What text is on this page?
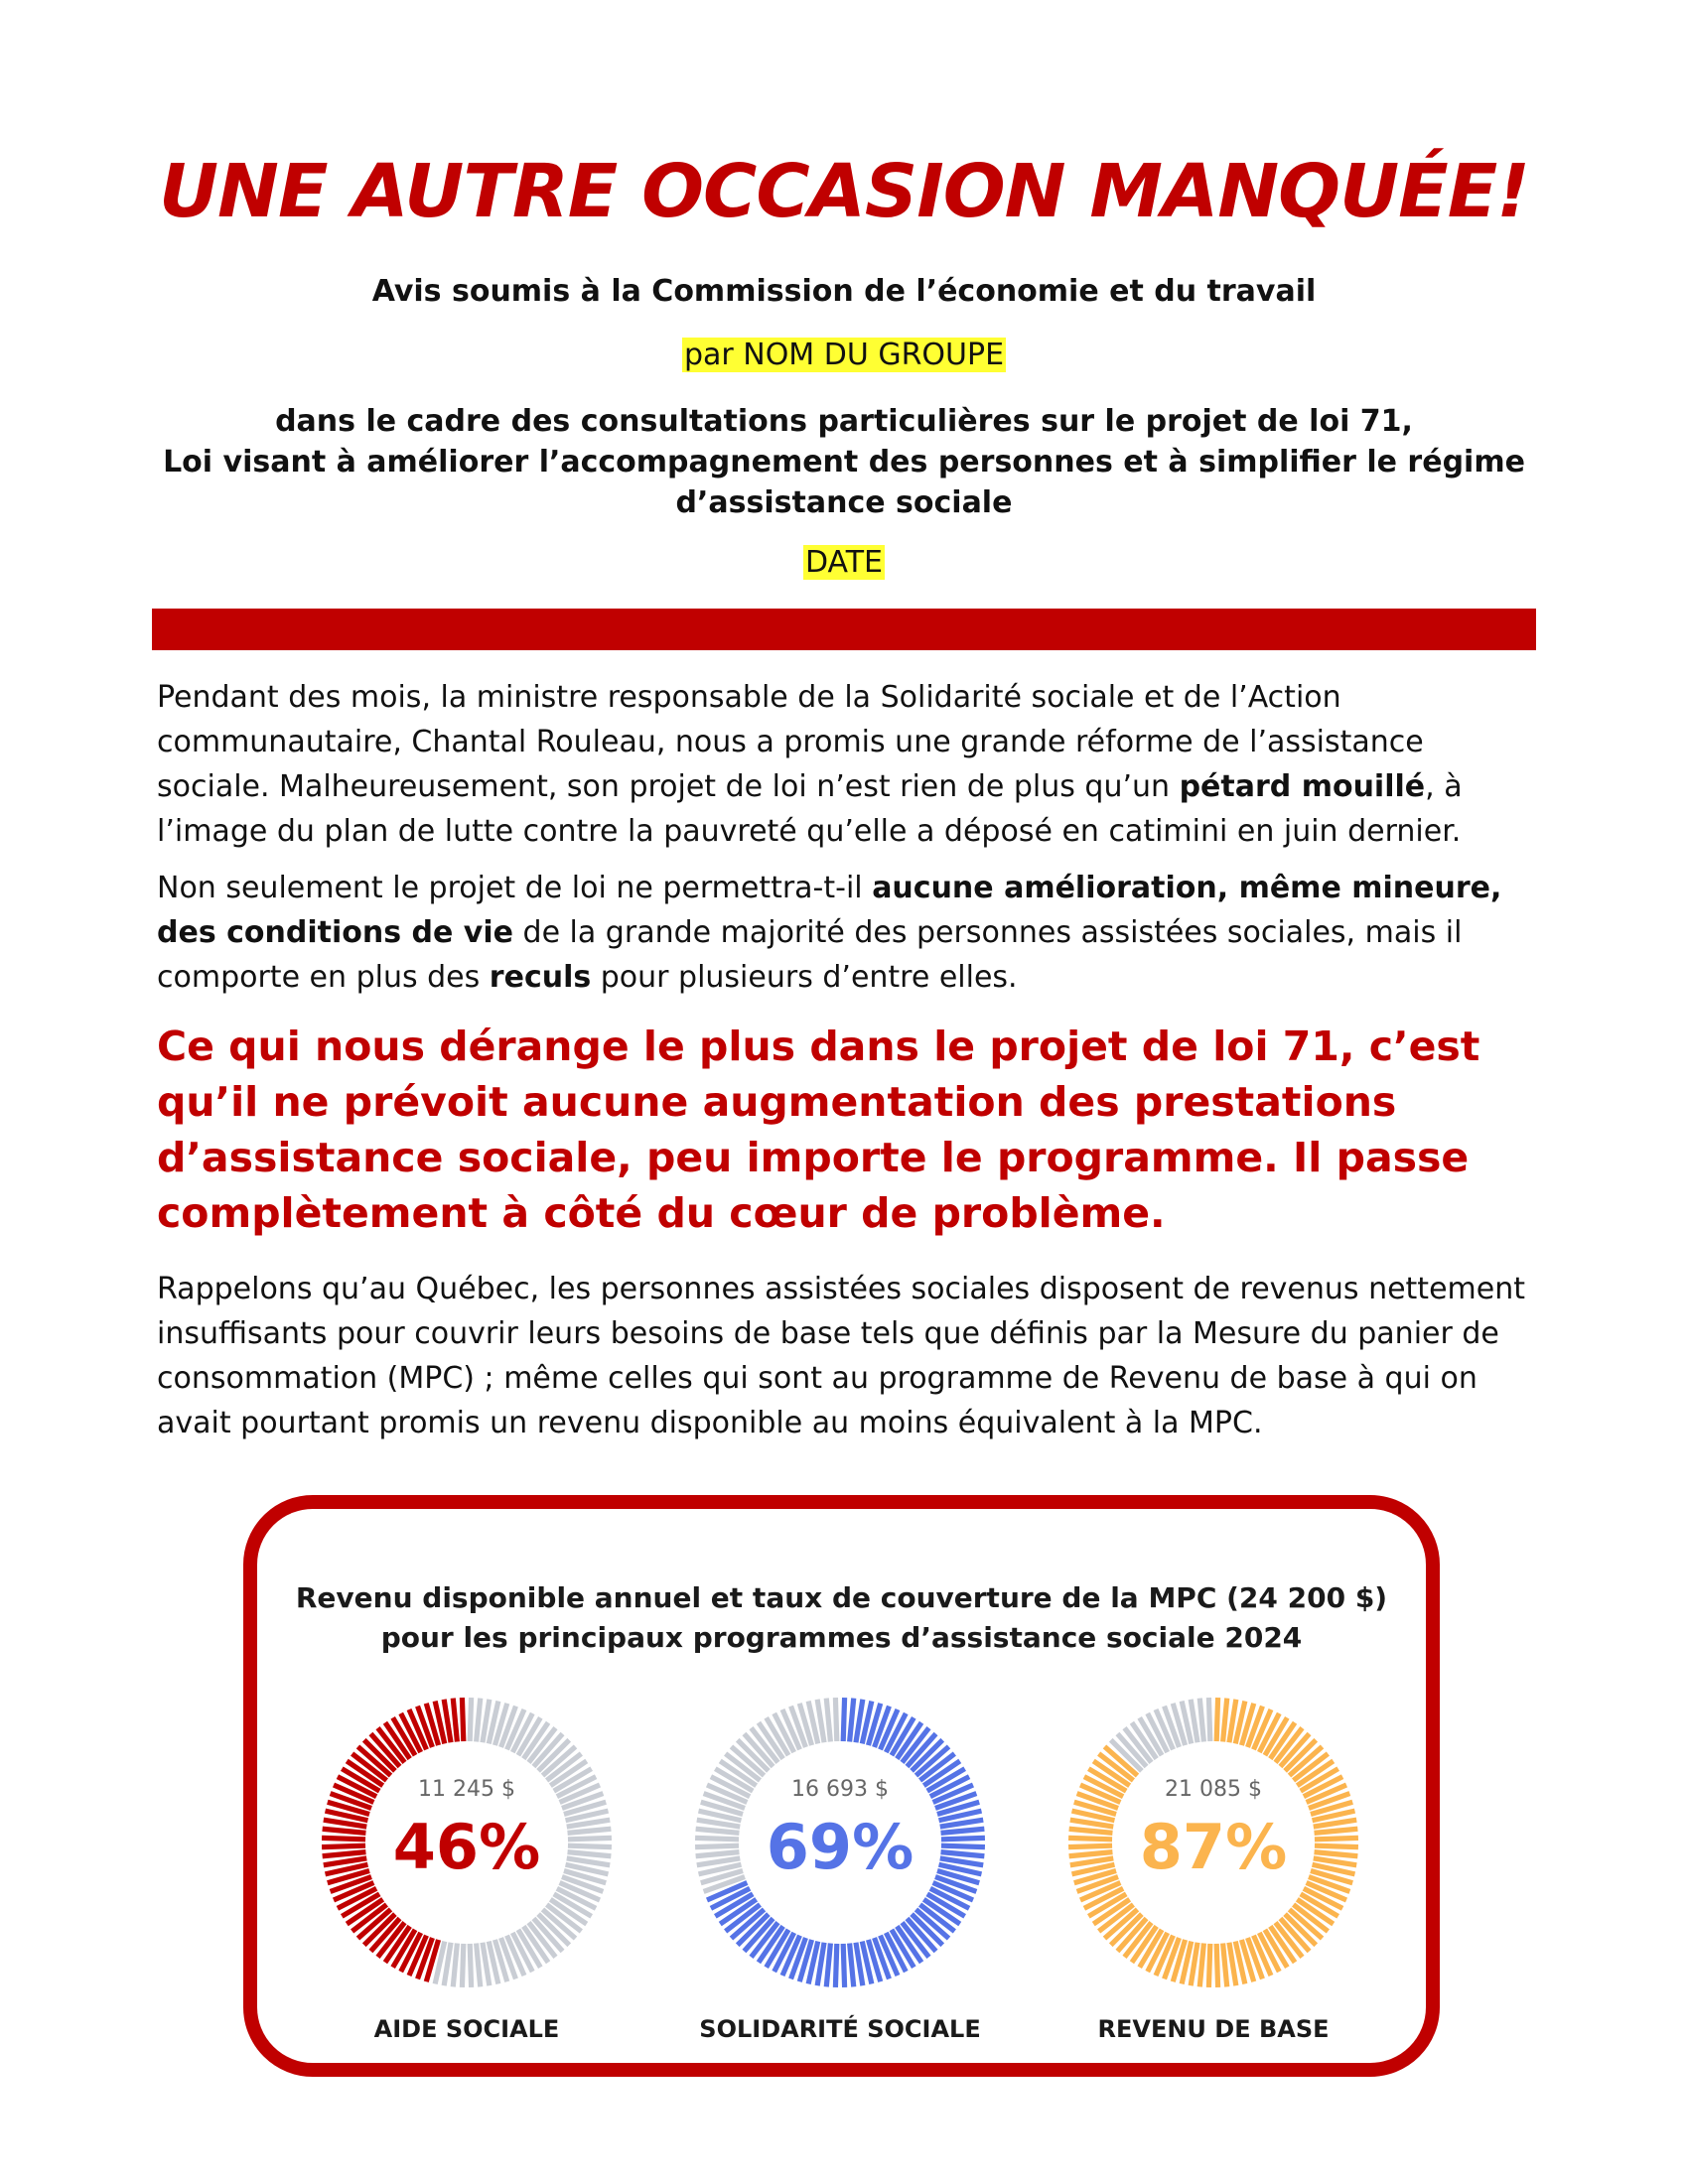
UNE AUTRE OCCASION MANQUÉE!

Avis soumis à la Commission de l’économie et du travail

par NOM DU GROUPE

dans le cadre des consultations particulières sur le projet de loi 71,
Loi visant à améliorer l’accompagnement des personnes et à simplifier le régime
d’assistance sociale

DATE

Pendant des mois, la ministre responsable de la Solidarité sociale et de l’Action communautaire, Chantal Rouleau, nous a promis une grande réforme de l’assistance sociale. Malheureusement, son projet de loi n’est rien de plus qu’un pétard mouillé, à l’image du plan de lutte contre la pauvreté qu’elle a déposé en catimini en juin dernier.

Non seulement le projet de loi ne permettra-t-il aucune amélioration, même mineure, des conditions de vie de la grande majorité des personnes assistées sociales, mais il comporte en plus des reculs pour plusieurs d’entre elles.

Ce qui nous dérange le plus dans le projet de loi 71, c’est qu’il ne prévoit aucune augmentation des prestations d’assistance sociale, peu importe le programme. Il passe complètement à côté du cœur de problème.

Rappelons qu’au Québec, les personnes assistées sociales disposent de revenus nettement insuffisants pour couvrir leurs besoins de base tels que définis par la Mesure du panier de consommation (MPC) ; même celles qui sont au programme de Revenu de base à qui on avait pourtant promis un revenu disponible au moins équivalent à la MPC.

Revenu disponible annuel et taux de couverture de la MPC (24 200 $)
pour les principaux programmes d’assistance sociale 2024

11 245 $
46%
AIDE SOCIALE
16 693 $
69%
SOLIDARITÉ SOCIALE
21 085 $
87%
REVENU DE BASE
